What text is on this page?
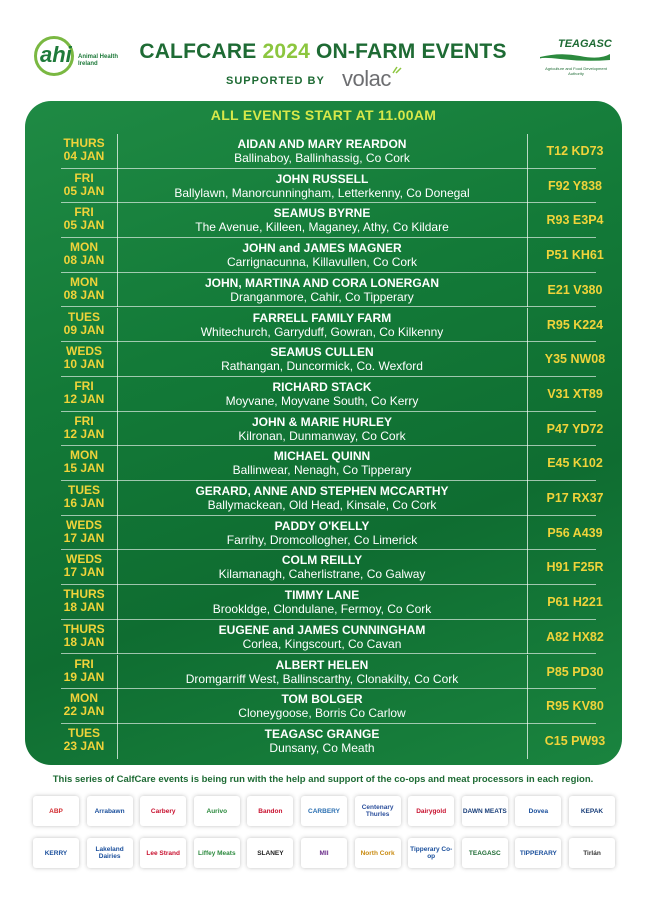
ahi Animal Health Ireland
CALFCARE 2024 ON-FARM EVENTS
SUPPORTED BY volac
TEAGASC
Agriculture and Food Development Authority
ALL EVENTS START AT 11.00AM
THURS
04 JAN
AIDAN AND MARY REARDON
Ballinaboy, Ballinhassig, Co Cork	T12 KD73
FRI
05 JAN
JOHN RUSSELL
Ballylawn, Manorcunningham, Letterkenny, Co Donegal	F92 Y838
FRI
05 JAN
SEAMUS BYRNE
The Avenue, Killeen, Maganey, Athy, Co Kildare	R93 E3P4
MON
08 JAN
JOHN and JAMES MAGNER
Carrignacunna, Killavullen, Co Cork	P51 KH61
MON
08 JAN
JOHN, MARTINA AND CORA LONERGAN
Dranganmore, Cahir, Co Tipperary	E21 V380
TUES
09 JAN
FARRELL FAMILY FARM
Whitechurch, Garryduff, Gowran, Co Kilkenny	R95 K224
WEDS
10 JAN
SEAMUS CULLEN
Rathangan, Duncormick, Co. Wexford	Y35 NW08
FRI
12 JAN
RICHARD STACK
Moyvane, Moyvane South, Co Kerry	V31 XT89
FRI
12 JAN
JOHN & MARIE HURLEY
Kilronan, Dunmanway, Co Cork	P47 YD72
MON
15 JAN
MICHAEL QUINN
Ballinwear, Nenagh, Co Tipperary	E45 K102
TUES
16 JAN
GERARD, ANNE AND STEPHEN MCCARTHY
Ballymackean, Old Head, Kinsale, Co Cork	P17 RX37
WEDS
17 JAN
PADDY O'KELLY
Farrihy, Dromcollogher, Co Limerick	P56 A439
WEDS
17 JAN
COLM REILLY
Kilamanagh, Caherlistrane, Co Galway	H91 F25R
THURS
18 JAN
TIMMY LANE
Brookldge, Clondulane, Fermoy, Co Cork	P61 H221
THURS
18 JAN
EUGENE and JAMES CUNNINGHAM
Corlea, Kingscourt, Co Cavan	A82 HX82
FRI
19 JAN
ALBERT HELEN
Dromgarriff West, Ballinscarthy, Clonakilty, Co Cork	P85 PD30
MON
22 JAN
TOM BOLGER
Cloneygoose, Borris Co Carlow	R95 KV80
TUES
23 JAN
TEAGASC GRANGE
Dunsany, Co Meath	C15 PW93
This series of CalfCare events is being run with the help and support of the co-ops and meat processors in each region.
ABP	Arrabawn	Carbery	Aurivo	Bandon	CARBERY	Centenary Thurles	Dairygold	DAWN MEATS	Dovea	KEPAK
KERRY	Lakeland Dairies	Lee Strand	Liffey Meats	SLANEY	MII	North Cork Tipperary Co-op	TEAGASC	TIPPERARY	Tirlán
